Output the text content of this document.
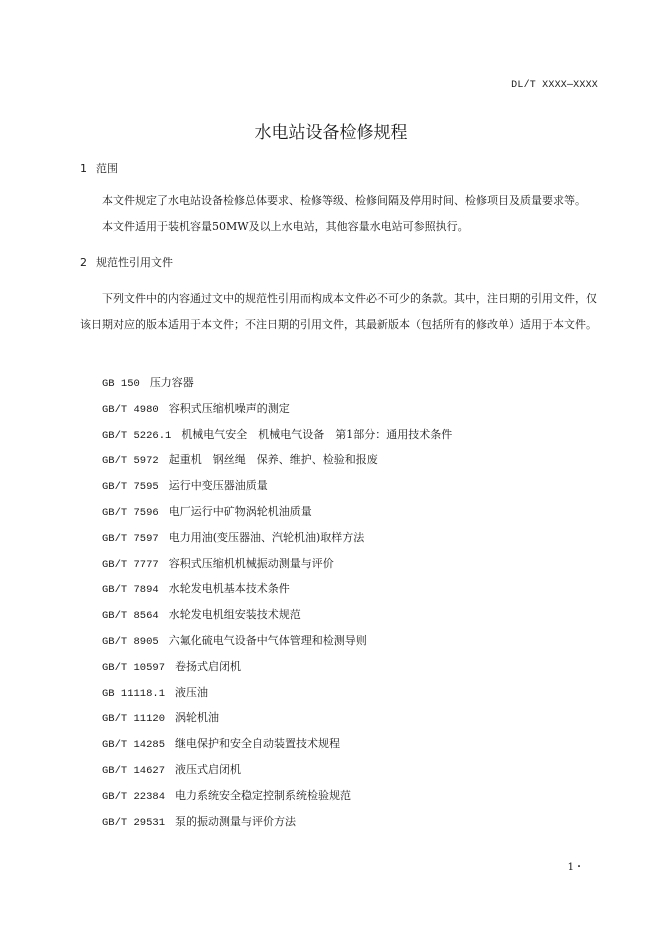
DL/T XXXX—XXXX
水电站设备检修规程
1 范围
本文件规定了水电站设备检修总体要求、检修等级、检修间隔及停用时间、检修项目及质量要求等。
本文件适用于装机容量50MW及以上水电站，其他容量水电站可参照执行。
2 规范性引用文件
下列文件中的内容通过文中的规范性引用而构成本文件必不可少的条款。其中，注日期的引用文件，仅该日期对应的版本适用于本文件；不注日期的引用文件，其最新版本（包括所有的修改单）适用于本文件。
GB 150 压力容器
GB/T 4980 容积式压缩机噪声的测定
GB/T 5226.1 机械电气安全　机械电气设备　第1部分：通用技术条件
GB/T 5972 起重机　钢丝绳　保养、维护、检验和报废
GB/T 7595 运行中变压器油质量
GB/T 7596 电厂运行中矿物涡轮机油质量
GB/T 7597 电力用油(变压器油、汽轮机油)取样方法
GB/T 7777 容积式压缩机机械振动测量与评价
GB/T 7894 水轮发电机基本技术条件
GB/T 8564 水轮发电机组安装技术规范
GB/T 8905 六氟化硫电气设备中气体管理和检测导则
GB/T 10597 卷扬式启闭机
GB 11118.1 液压油
GB/T 11120 涡轮机油
GB/T 14285 继电保护和安全自动装置技术规程
GB/T 14627 液压式启闭机
GB/T 22384 电力系统安全稳定控制系统检验规范
GB/T 29531 泵的振动测量与评价方法
1・
